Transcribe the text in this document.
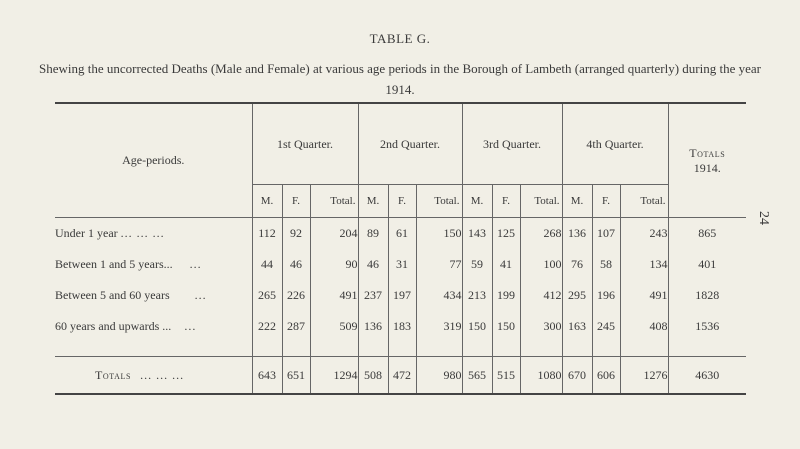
TABLE G.
Shewing the uncorrected Deaths (Male and Female) at various age periods in the Borough of Lambeth (arranged quarterly) during the year 1914.
24
Age-periods.	1st Quarter.			2nd Quarter.			3rd Quarter.			4th Quarter.			Totals
1914.

	M.	F.	Total.	M.	F.	Total.	M.	F.	Total.	M.	F.	Total.	
Under 1 year ... ... ...	112	92	204	89	61	150	143	125	268	136	107	243	865
Between 1 and 5 years... ...	44	46	90	46	31	77	59	41	100	76	58	134	401
Between 5 and 60 years ...	265	226	491	237	197	434	213	199	412	295	196	491	1828
60 years and upwards ... ...	222	287	509	136	183	319	150	150	300	163	245	408	1536

Totals ... ... ...	643	651	1294	508	472	980	565	515	1080	670	606	1276	4630
